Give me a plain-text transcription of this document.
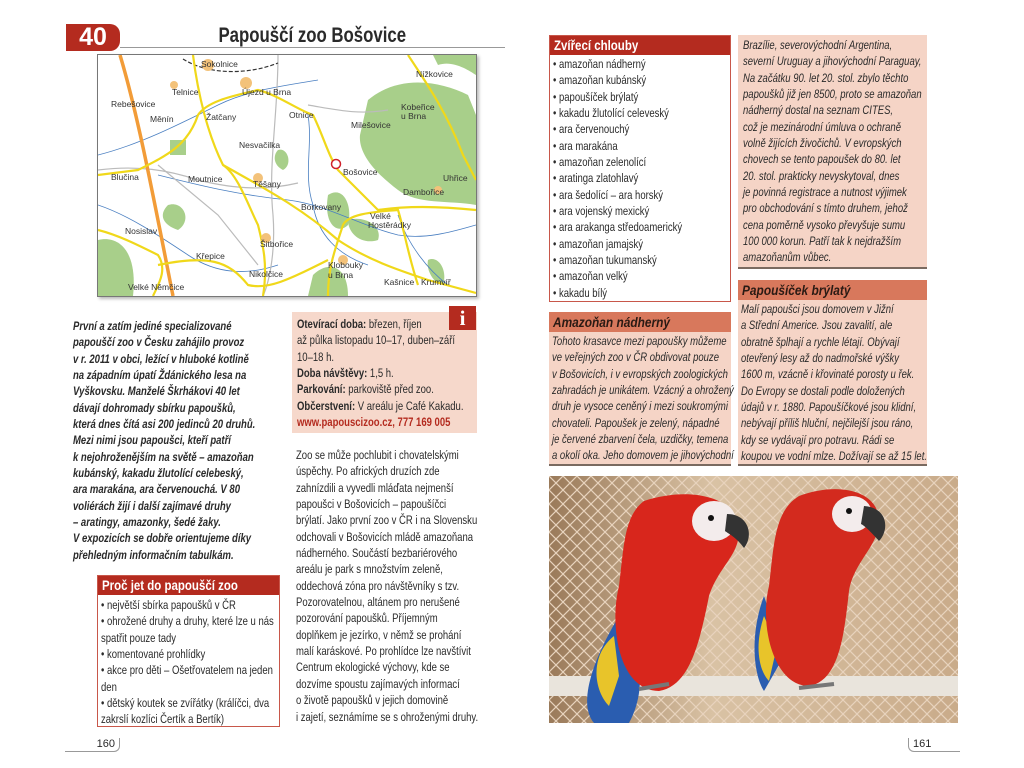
40	Papouščí zoo Bošovice
Sokolnice
Nížkovice
Telnice	Újezd u Brna
Rebešovice
Měnín	Žatčany	Otnice
Kobeřice
u Brna
Milešovice
Nesvačilka
Bošovice
Blučina	Moutnice	Těšany
Uhřice
Dambořice
Borkovany
Velké
Hostěrádky
Nosislav
Šitbořice
Křepice
Nikolčice
Klobouky
u Brna
Kašnice Krumvíř
Velké Němčice
První a zatím jediné specializované
papouščí zoo v Česku zahájilo provoz
v r. 2011 v obci, ležící v hluboké kotlině
na západním úpatí Ždánického lesa na
Vyškovsku. Manželé Škrhákovi 40 let
dávají dohromady sbírku papoušků,
která dnes čítá asi 200 jedinců 20 druhů.
Mezi nimi jsou papoušci, kteří patří
k nejohroženějším na světě – amazoňan
kubánský, kakadu žlutolící celebeský,
ara marakána, ara červenouchá. V 80
voliérách žijí i další zajímavé druhy
– aratingy, amazonky, šedé žaky.
V expozicích se dobře orientujeme díky
přehledným informačním tabulkám.
Otevírací doba: březen, říjen
až půlka listopadu 10–17, duben–září
10–18 h.
Doba návštěvy: 1,5 h.
Parkování: parkoviště před zoo.
Občerstvení: V areálu je Café Kakadu.
www.papouscizoo.cz, 777 169 005
i
Zoo se může pochlubit i chovatelskými
úspěchy. Po afrických druzích zde
zahnízdili a vyvedli mláďata nejmenší
papoušci v Bošovicích – papoušíčci
brýlatí. Jako první zoo v ČR i na Slovensku
odchovali v Bošovicích mládě amazoňana
nádherného. Součástí bezbariérového
areálu je park s množstvím zeleně,
oddechová zóna pro návštěvníky s tzv.
Pozorovatelnou, altánem pro nerušené
pozorování papoušků. Příjemným
doplňkem je jezírko, v němž se prohání
malí karáskové. Po prohlídce lze navštívit
Centrum ekologické výchovy, kde se
dozvíme spoustu zajímavých informací
o životě papoušků v jejich domovině
i zajetí, seznámíme se s ohroženými druhy.
Proč jet do papouščí zoo
• největší sbírka papoušků v ČR
• ohrožené druhy a druhy, které lze u nás
spatřit pouze tady
• komentované prohlídky
• akce pro děti – Ošetřovatelem na jeden
den
• dětský koutek se zvířátky (králíčci, dva
zakrslí kozlíci Čertík a Bertík)
160
Zvířecí chlouby
• amazoňan nádherný
• amazoňan kubánský
• papoušíček brýlatý
• kakadu žlutolící celeveský
• ara červenouchý
• ara marakána
• amazoňan zelenolící
• aratinga zlatohlavý
• ara šedolící – ara horský
• ara vojenský mexický
• ara arakanga středoamerický
• amazoňan jamajský
• amazoňan tukumanský
• amazoňan velký
• kakadu bílý
Brazílie, severovýchodní Argentina,
severní Uruguay a jihovýchodní Paraguay,
Na začátku 90. let 20. stol. zbylo těchto
papoušků již jen 8500, proto se amazoňan
nádherný dostal na seznam CITES,
což je mezinárodní úmluva o ochraně
volně žijících živočichů. V evropských
chovech se tento papoušek do 80. let
20. stol. prakticky nevyskytoval, dnes
je povinná registrace a nutnost výjimek
pro obchodování s tímto druhem, jehož
cena poměrně vysoko převyšuje sumu
100 000 korun. Patří tak k nejdražším
amazoňanům vůbec.
Amazoňan nádherný
Tohoto krasavce mezi papoušky můžeme
ve veřejných zoo v ČR obdivovat pouze
v Bošovicích, i v evropských zoologických
zahradách je unikátem. Vzácný a ohrožený
druh je vysoce ceněný i mezi soukromými
chovateli. Papoušek je zelený, nápadné
je červené zbarvení čela, uzdičky, temena
a okolí oka. Jeho domovem je jihovýchodní
Papoušíček brýlatý
Malí papoušci jsou domovem v Jižní
a Střední Americe. Jsou zavalití, ale
obratně šplhají a rychle létají. Obývají
otevřený lesy až do nadmořské výšky
1600 m, vzácně i křovinaté porosty u řek.
Do Evropy se dostali podle doložených
údajů v r. 1880. Papoušíčkové jsou klidní,
nebývají příliš hluční, nejčilejší jsou ráno,
kdy se vydávají pro potravu. Rádi se
koupou ve vodní mlze. Dožívají se až 15 let.
161
